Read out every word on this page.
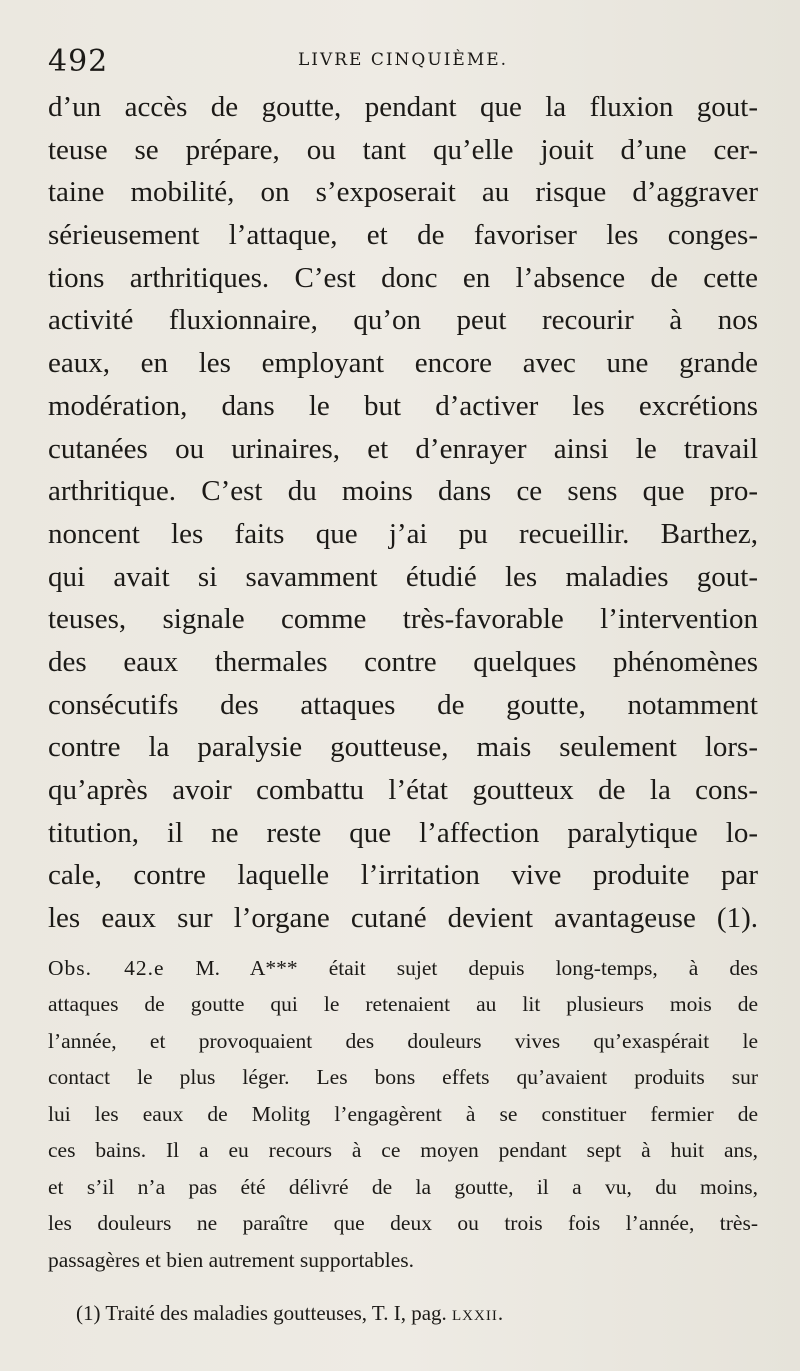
492	LIVRE CINQUIÈME.
d’un accès de goutte, pendant que la fluxion gout-
teuse se prépare, ou tant qu’elle jouit d’une cer-
taine mobilité, on s’exposerait au risque d’aggraver
sérieusement l’attaque, et de favoriser les conges-
tions arthritiques. C’est donc en l’absence de cette
activité fluxionnaire, qu’on peut recourir à nos
eaux, en les employant encore avec une grande
modération, dans le but d’activer les excrétions
cutanées ou urinaires, et d’enrayer ainsi le travail
arthritique. C’est du moins dans ce sens que pro-
noncent les faits que j’ai pu recueillir. Barthez,
qui avait si savamment étudié les maladies gout-
teuses, signale comme très-favorable l’intervention
des eaux thermales contre quelques phénomènes
consécutifs des attaques de goutte, notamment
contre la paralysie goutteuse, mais seulement lors-
qu’après avoir combattu l’état goutteux de la cons-
titution, il ne reste que l’affection paralytique lo-
cale, contre laquelle l’irritation vive produite par
les eaux sur l’organe cutané devient avantageuse (1).
Obs. 42.e M. A*** était sujet depuis long-temps, à des
attaques de goutte qui le retenaient au lit plusieurs mois de
l’année, et provoquaient des douleurs vives qu’exaspérait le
contact le plus léger. Les bons effets qu’avaient produits sur
lui les eaux de Molitg l’engagèrent à se constituer fermier de
ces bains. Il a eu recours à ce moyen pendant sept à huit ans,
et s’il n’a pas été délivré de la goutte, il a vu, du moins,
les douleurs ne paraître que deux ou trois fois l’année, très-
passagères et bien autrement supportables.
(1) Traité des maladies goutteuses, T. I, pag. lxxii.
